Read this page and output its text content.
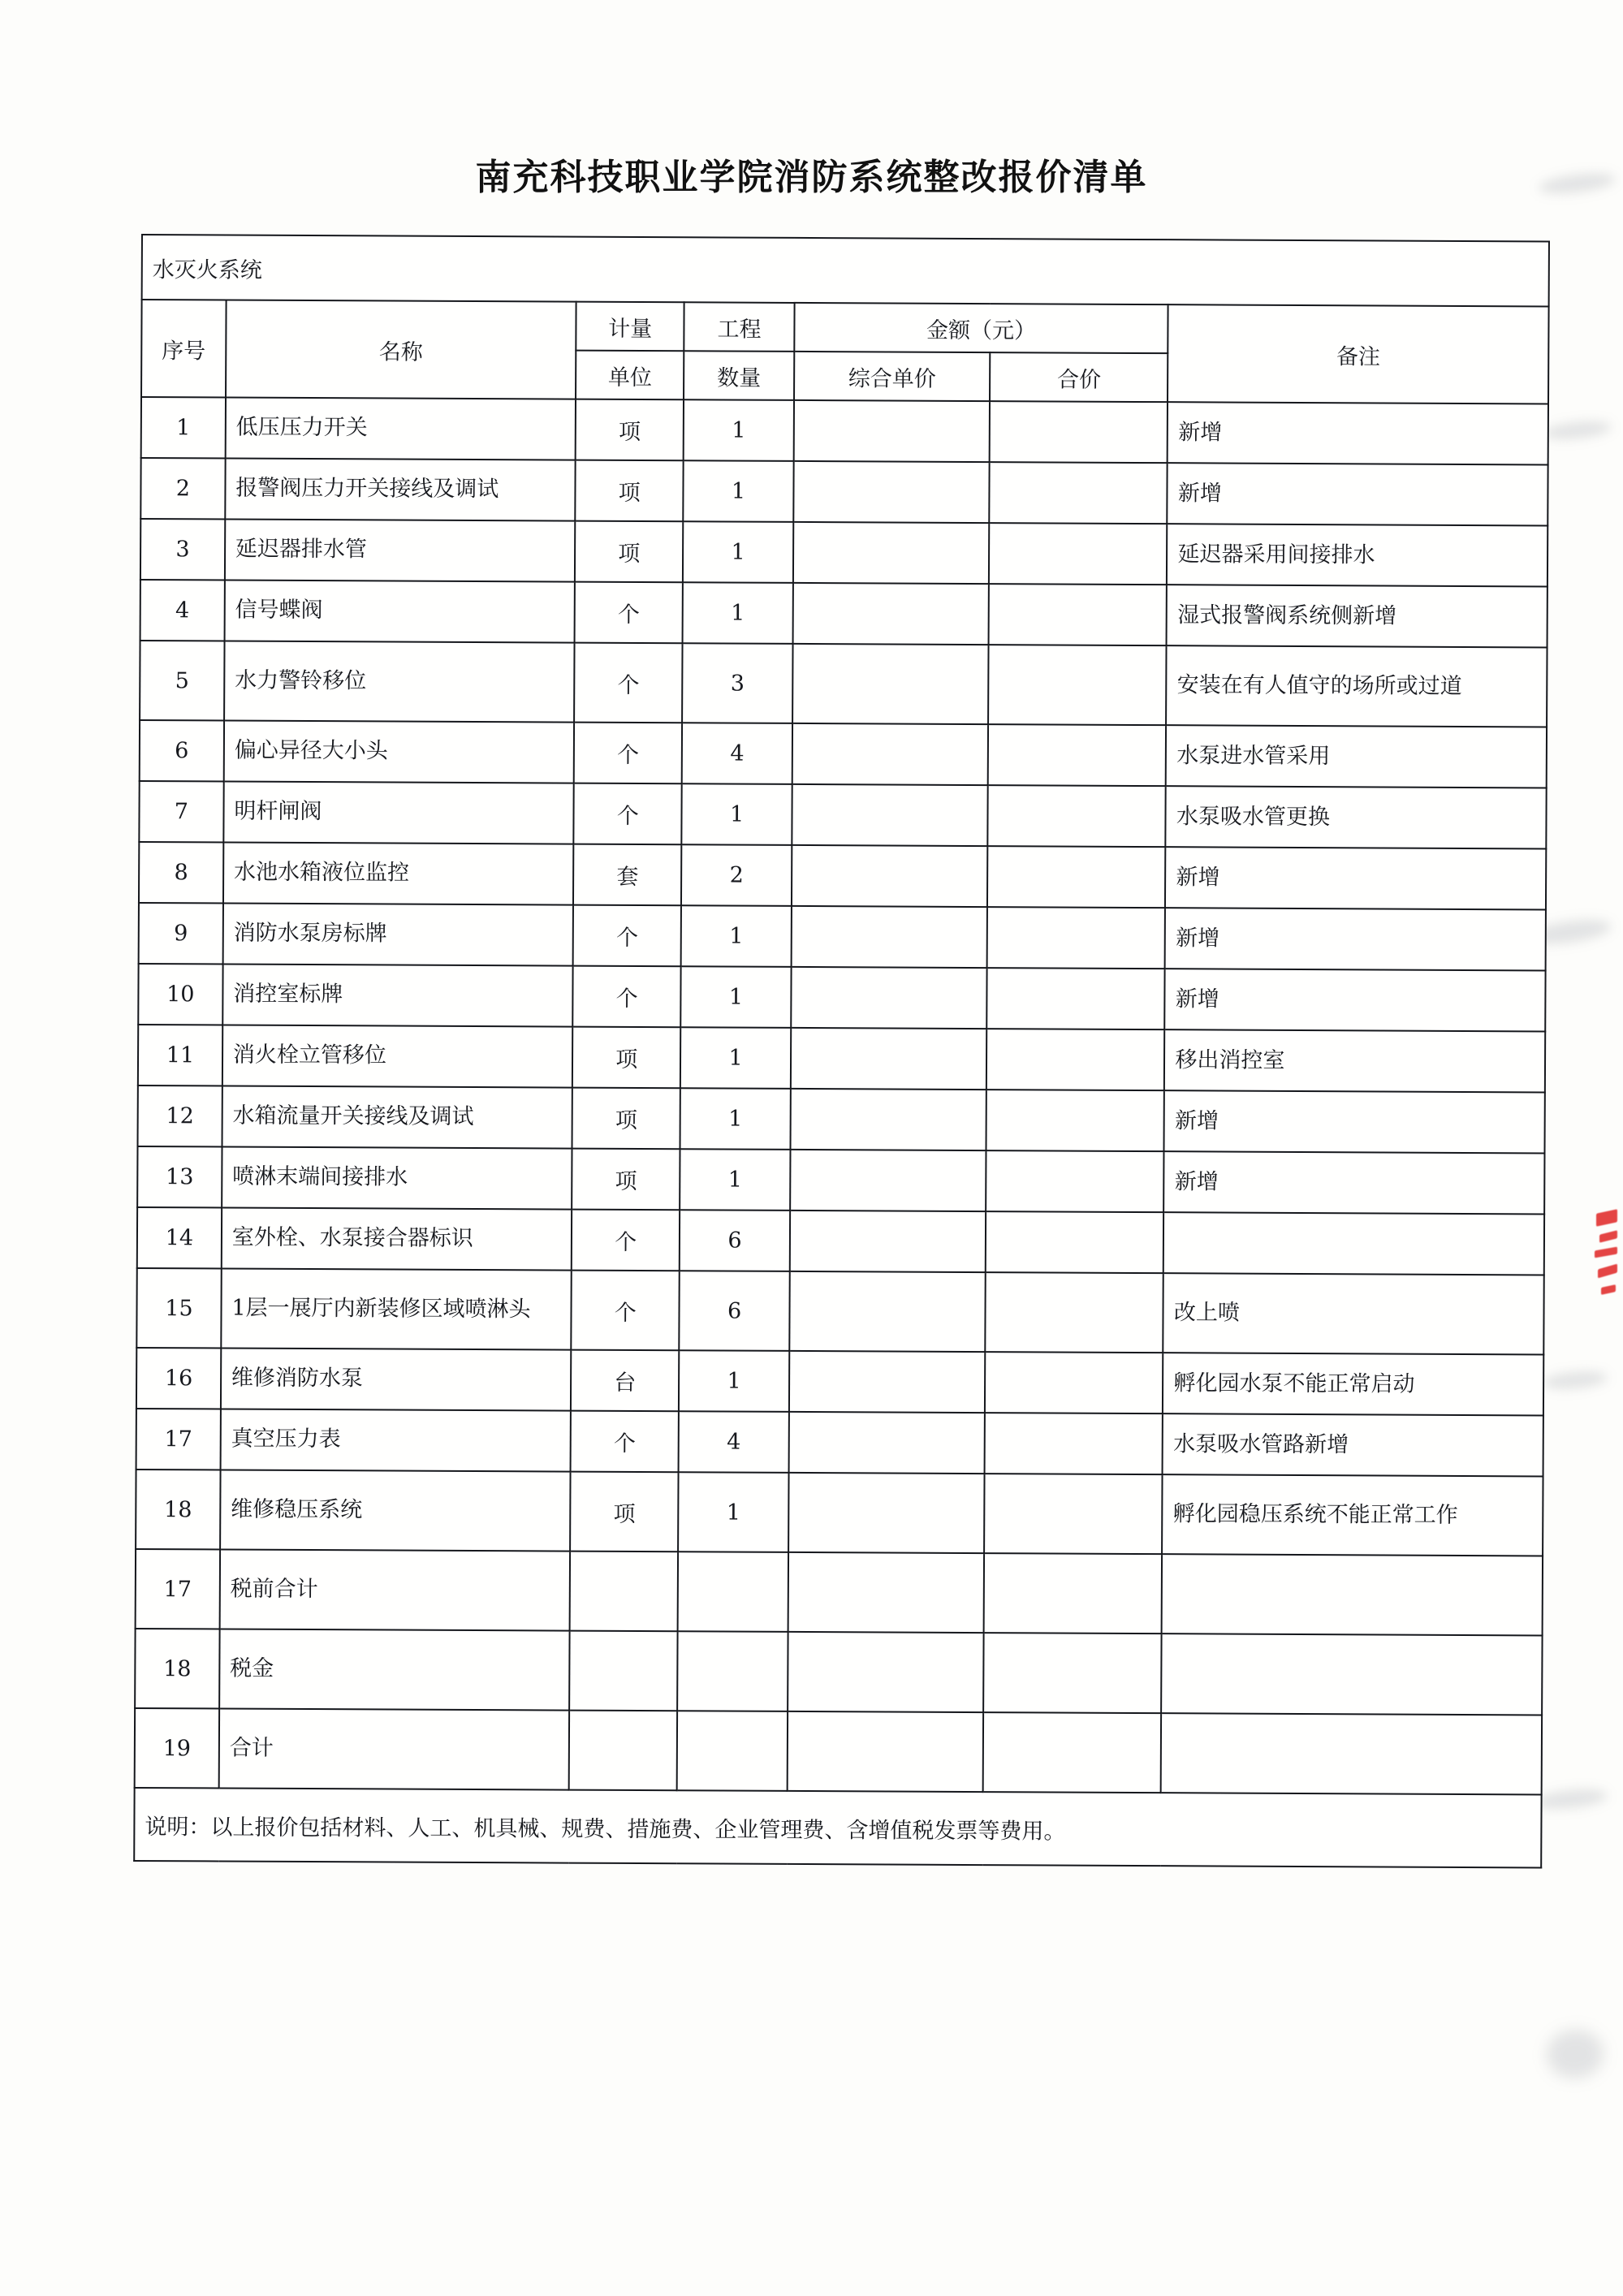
南充科技职业学院消防系统整改报价清单
水灭火系统						
序号	名称	计量	工程	金额（元）		备注
		单位	数量	综合单价	合价	
1	低压压力开关	项	1			新增
2	报警阀压力开关接线及调试	项	1			新增
3	延迟器排水管	项	1			延迟器采用间接排水
4	信号蝶阀	个	1			湿式报警阀系统侧新增
5	水力警铃移位	个	3			安装在有人值守的场所或过道
6	偏心异径大小头	个	4			水泵进水管采用
7	明杆闸阀	个	1			水泵吸水管更换
8	水池水箱液位监控	套	2			新增
9	消防水泵房标牌	个	1			新增
10	消控室标牌	个	1			新增
11	消火栓立管移位	项	1			移出消控室
12	水箱流量开关接线及调试	项	1			新增
13	喷淋末端间接排水	项	1			新增
14	室外栓、水泵接合器标识	个	6			
15	1层一展厅内新装修区域喷淋头	个	6			改上喷
16	维修消防水泵	台	1			孵化园水泵不能正常启动
17	真空压力表	个	4			水泵吸水管路新增
18	维修稳压系统	项	1			孵化园稳压系统不能正常工作
17	税前合计					
18	税金					
19	合计					
说明：以上报价包括材料、人工、机具械、规费、措施费、企业管理费、含增值税发票等费用。						
